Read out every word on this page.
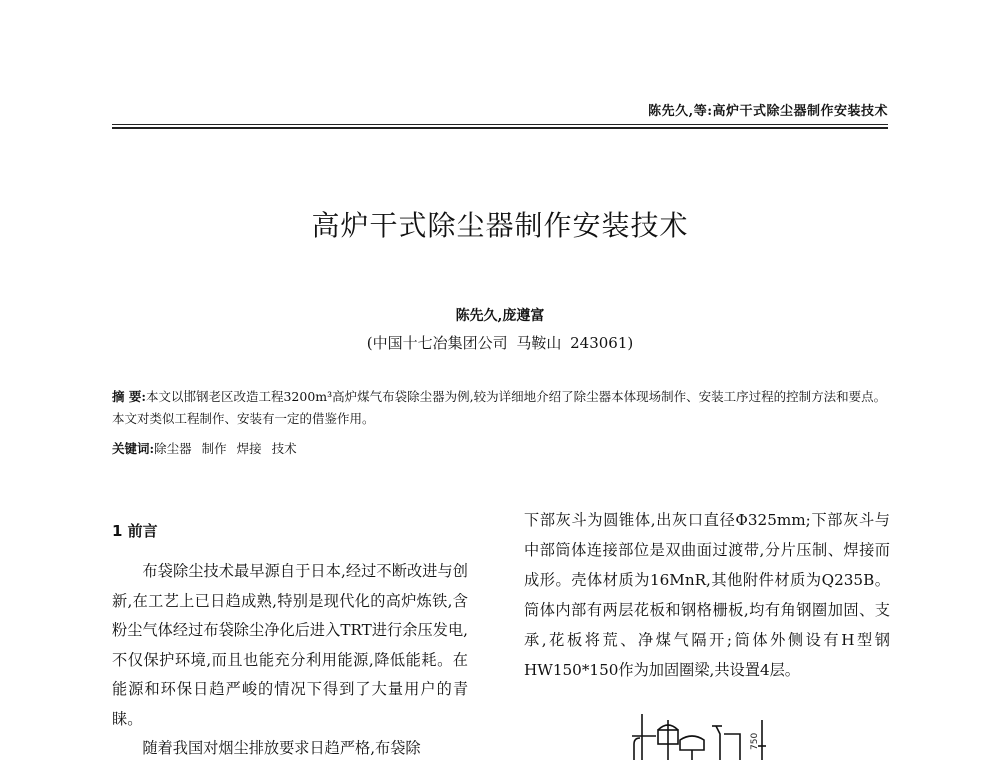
陈先久,等:高炉干式除尘器制作安装技术
高炉干式除尘器制作安装技术
陈先久,庞遵富
(中国十七冶集团公司 马鞍山 243061)
摘 要:本文以邯钢老区改造工程3200m³高炉煤气布袋除尘器为例,较为详细地介绍了除尘器本体现场制作、安装工序过程的控制方法和要点。本文对类似工程制作、安装有一定的借鉴作用。
关键词:除尘器 制作 焊接 技术
1 前言

布袋除尘技术最早源自于日本,经过不断改进与创新,在工艺上已日趋成熟,特别是现代化的高炉炼铁,含粉尘气体经过布袋除尘净化后进入TRT进行余压发电,不仅保护环境,而且也能充分利用能源,降低能耗。在能源和环保日趋严峻的情况下得到了大量用户的青睐。

随着我国对烟尘排放要求日趋严格,布袋除

下部灰斗为圆锥体,出灰口直径Φ325mm;下部灰斗与中部筒体连接部位是双曲面过渡带,分片压制、焊接而成形。壳体材质为16MnR,其他附件材质为Q235B。筒体内部有两层花板和钢格栅板,均有角钢圈加固、支承,花板将荒、净煤气隔开;筒体外侧设有H型钢HW150*150作为加固圈梁,共设置4层。

750
